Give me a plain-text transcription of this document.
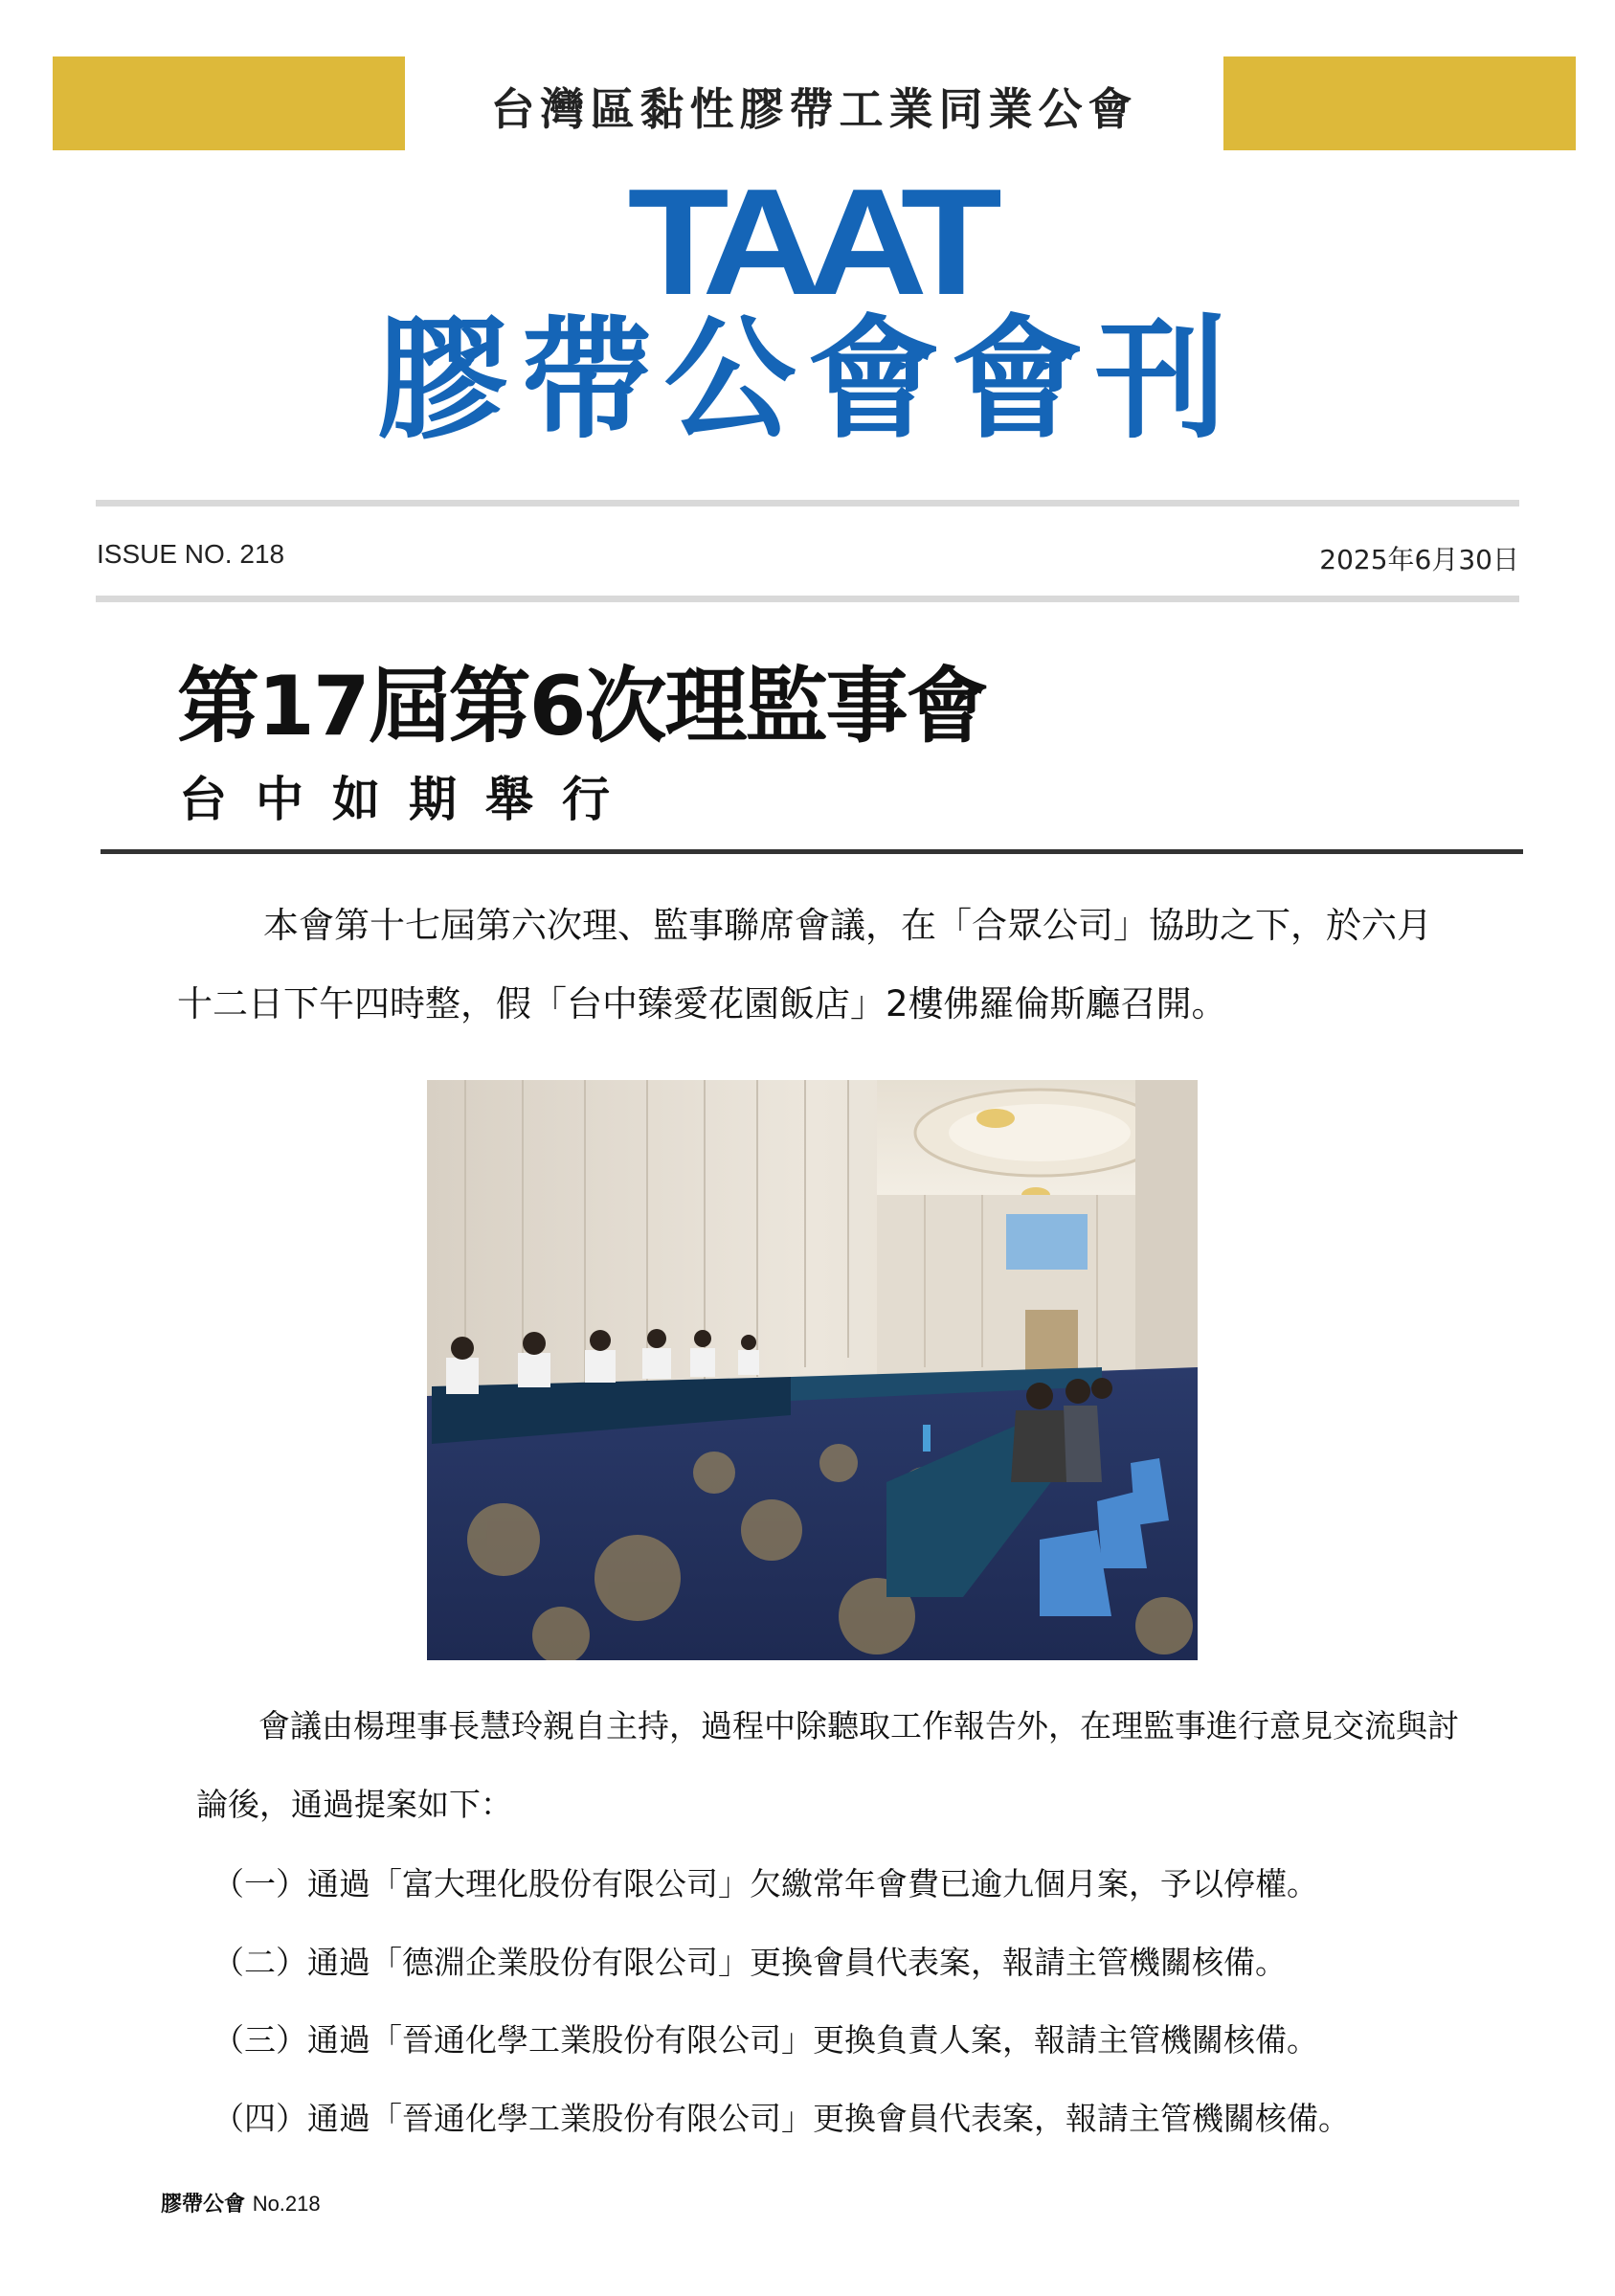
台灣區黏性膠帶工業同業公會
TAAT
膠帶公會會刊
ISSUE NO. 218	2025年6月30日
第17屆第6次理監事會
台中如期舉行
本會第十七屆第六次理、監事聯席會議，在「合眾公司」協助之下，於六月十二日下午四時整，假「台中臻愛花園飯店」2樓佛羅倫斯廳召開。
會議由楊理事長慧玲親自主持，過程中除聽取工作報告外，在理監事進行意見交流與討論後，通過提案如下：
（一）通過「富大理化股份有限公司」欠繳常年會費已逾九個月案，予以停權。
（二）通過「德淵企業股份有限公司」更換會員代表案，報請主管機關核備。
（三）通過「晉通化學工業股份有限公司」更換負責人案，報請主管機關核備。
（四）通過「晉通化學工業股份有限公司」更換會員代表案，報請主管機關核備。
膠帶公會 No.218
